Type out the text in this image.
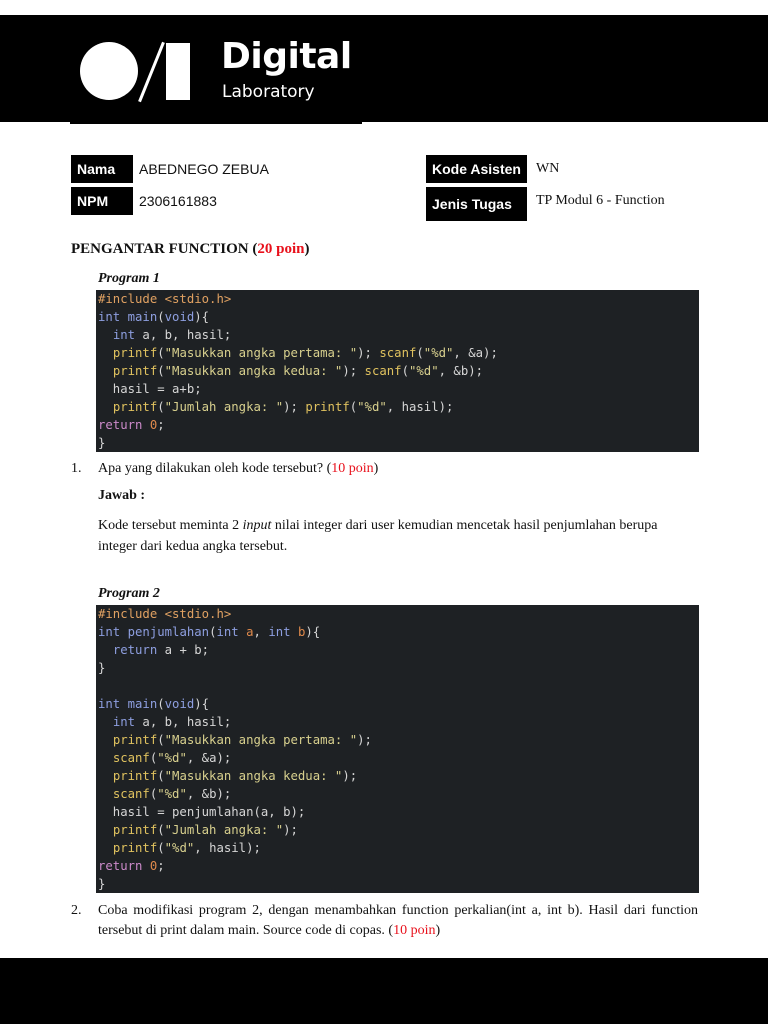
Digital
Laboratory
Nama	ABEDNEGO ZEBUA
NPM	2306161883
Kode Asisten	WN
Jenis Tugas	TP Modul 6 - Function
PENGANTAR FUNCTION (20 poin)
Program 1
#include <stdio.h>
int main(void){
int a, b, hasil;
printf("Masukkan angka pertama: "); scanf("%d", &a);
printf("Masukkan angka kedua: "); scanf("%d", &b);
hasil = a+b;
printf("Jumlah angka: "); printf("%d", hasil);
return 0;
}
1. Apa yang dilakukan oleh kode tersebut? (10 poin)
Jawab :
Kode tersebut meminta 2 input nilai integer dari user kemudian mencetak hasil penjumlahan berupa integer dari kedua angka tersebut.
Program 2
#include <stdio.h>
int penjumlahan(int a, int b){
return a + b;
}

int main(void){
int a, b, hasil;
printf("Masukkan angka pertama: ");
scanf("%d", &a);
printf("Masukkan angka kedua: ");
scanf("%d", &b);
hasil = penjumlahan(a, b);
printf("Jumlah angka: ");
printf("%d", hasil);
return 0;
}
2. Coba modifikasi program 2, dengan menambahkan function perkalian(int a, int b). Hasil dari function tersebut di print dalam main. Source code di copas. (10 poin)
